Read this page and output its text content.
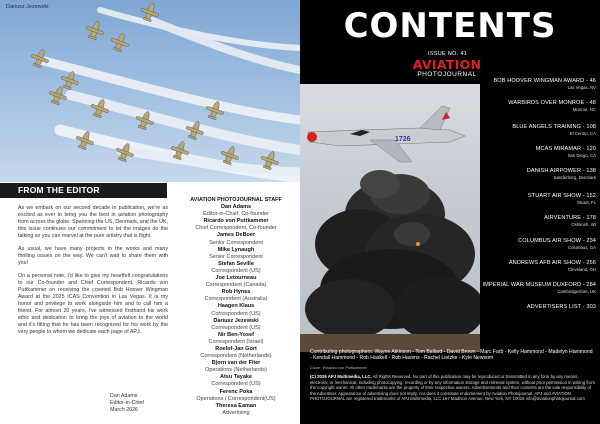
Dariusz Jezewski
FROM THE EDITOR

As we embark on our second decade in publication, we're as excited as ever to bring you the best in aviation photography from across the globe. Spanning the US, Denmark, and the UK, this issue continues our commitment to let the images do the talking so you can marvel at the pure artistry that is flight.

As usual, we have many projects in the works and many thrilling issues on the way. We can't wait to share them with you!

On a personal note, I'd like to give my heartfelt congratulations to our Co-founder and Chief Correspondent, Ricardo von Puttkammer on receiving the coveted Bob Hoover Wingman Award at the 2025 ICAS Convention in Las Vegas. It is my honor and privilege to work alongside him and to call him a friend. For almost 20 years, I've witnessed firsthand his work ethic and dedication to bring the joys of aviation to the world and it's fitting that he has been recognized for his work by the very people to whom we dedicate each page of APJ.

Dan Adams
Editor-in-Chief
March 2026
AVIATION PHOTOJOURNAL STAFF
Dan Adams
Editor-in-Chief, Co-founder
Ricardo von Puttkammer
Chief Correspondent, Co-founder
James DeBoer
Senior Correspondent
Mike Lynaugh
Senior Correspondent
Stefan Seville
Correspondent (US)
Joe Letourneau
Correspondent (Canada)
Rob Hynes
Correspondent (Australia)
Haagen Klaus
Correspondent (US)
Dariusz Jezewski
Correspondent (US)
Nir Ben-Yosef
Correspondent (Israel)
Roelof-Jan Gort
Correspondent (Netherlands)
Bjorn van der Flier
Operations (Netherlands)
Atsu Tayake
Correspondent (US)
Ferenc Poka
Operations / Correspondent(US)
Theresa Eaman
Advertising
CONTENTS
ISSUE NO. 41
AVIATION
PHOTOJOURNAL
1726
Cover: Ricardo von Puttkammer
BOB HOOVER WINGMAN AWARD - 46
Las Vegas, NV
WARBIRDS OVER MONROE - 48
Monroe, NC
BLUE ANGELS TRAINING - 108
El Centro, CA
MCAS MIRAMAR - 120
San Diego, CA
DANISH AIRPOWER - 138
Sønderborg, Denmark
STUART AIR SHOW - 152
Stuart, FL
AIRVENTURE - 178
Oshkosh, WI
COLUMBUS AIR SHOW - 234
Columbus, GA
ANDREWS AFB AIR SHOW - 256
Cleveland, OH
IMPERIAL WAR MUSEUM DUXFORD - 284
Cambridgeshire, UK
ADVERTISERS LIST - 303
Contributing photographers: Wayne Atkinson - Tom Ballard - David Brown - Marc Farb - Kelly Hammond - Madelyn Hammond - Kendall Hammond - Rob Haskell - Rob Havens - Rachel Lietzke - Kyle Newsom
(C) 2026 APJ Multimedia, LLC. All Rights Reserved. No part of this publication may be reproduced or transmitted in any form by any means, electronic or mechanical, including photocopying, recording or by any information storage and retrieval system, without prior permission in writing from the copyright owner. All other trademarks are the property of their respective owners. Advertisements and their contents are the sole responsibility of the Advertiser. Appearance of advertising does not imply, nor does it constitute endorsement by Aviation Photojournal. APJ and AVIATION PHOTOJOURNAL are registered trademarks of APJ Multimedia, LLC 167 Madison Avenue, New York, NY 10016 info@aviationphotojournal.com
